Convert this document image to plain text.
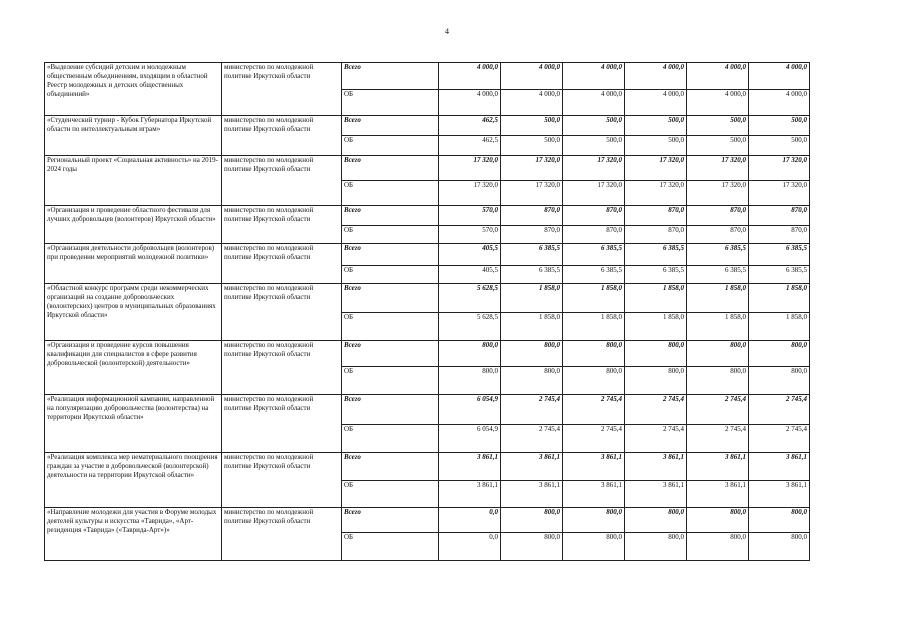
4
«Выделение субсидий детским и молодежным общественным объединениям, входящим в областной Реестр молодежных и детских общественных объединений»	министерство по молодежной политике Иркутской области	Всего	4 000,0	4 000,0	4 000,0	4 000,0	4 000,0	4 000,0
		ОБ	4 000,0	4 000,0	4 000,0	4 000,0	4 000,0	4 000,0
«Студенческий турнир - Кубок Губернатора Иркутской области по интеллектуальным играм»	министерство по молодежной политике Иркутской области	Всего	462,5	500,0	500,0	500,0	500,0	500,0
		ОБ	462,5	500,0	500,0	500,0	500,0	500,0
Региональный проект «Социальная активность» на 2019-2024 годы	министерство по молодежной политике Иркутской области	Всего	17 320,0	17 320,0	17 320,0	17 320,0	17 320,0	17 320,0
		ОБ	17 320,0	17 320,0	17 320,0	17 320,0	17 320,0	17 320,0
«Организация и проведение областного фестиваля для лучших добровольцев (волонтеров) Иркутской области»	министерство по молодежной политике Иркутской области	Всего	570,0	870,0	870,0	870,0	870,0	870,0
		ОБ	570,0	870,0	870,0	870,0	870,0	870,0
«Организация деятельности добровольцев (волонтеров) при проведении мероприятий молодежной политики»	министерство по молодежной политике Иркутской области	Всего	405,5	6 385,5	6 385,5	6 385,5	6 385,5	6 385,5
		ОБ	405,5	6 385,5	6 385,5	6 385,5	6 385,5	6 385,5
«Областной конкурс программ среди некоммерческих организаций на создание добровольческих (волонтерских) центров в муниципальных образованиях Иркутской области»	министерство по молодежной политике Иркутской области	Всего	5 628,5	1 858,0	1 858,0	1 858,0	1 858,0	1 858,0
		ОБ	5 628,5	1 858,0	1 858,0	1 858,0	1 858,0	1 858,0
«Организация и проведение курсов повышения квалификации для специалистов в сфере развития добровольческой (волонтерской) деятельности»	министерство по молодежной политике Иркутской области	Всего	800,0	800,0	800,0	800,0	800,0	800,0
		ОБ	800,0	800,0	800,0	800,0	800,0	800,0
«Реализация информационной кампании, направленной на популяризацию добровольчества (волонтерства) на территории Иркутской области»	министерство по молодежной политике Иркутской области	Всего	6 054,9	2 745,4	2 745,4	2 745,4	2 745,4	2 745,4
		ОБ	6 054,9	2 745,4	2 745,4	2 745,4	2 745,4	2 745,4
«Реализация комплекса мер нематериального поощрения граждан за участие в добровольческой (волонтерской) деятельности на территории Иркутской области»	министерство по молодежной политике Иркутской области	Всего	3 861,1	3 861,1	3 861,1	3 861,1	3 861,1	3 861,1
		ОБ	3 861,1	3 861,1	3 861,1	3 861,1	3 861,1	3 861,1
«Направление молодежи для участия в Форуме молодых деятелей культуры и искусства «Таврида», «Арт-резиденция «Таврида» («Таврида-Арт»)»	министерство по молодежной политике Иркутской области	Всего	0,0	800,0	800,0	800,0	800,0	800,0
		ОБ	0,0	800,0	800,0	800,0	800,0	800,0
